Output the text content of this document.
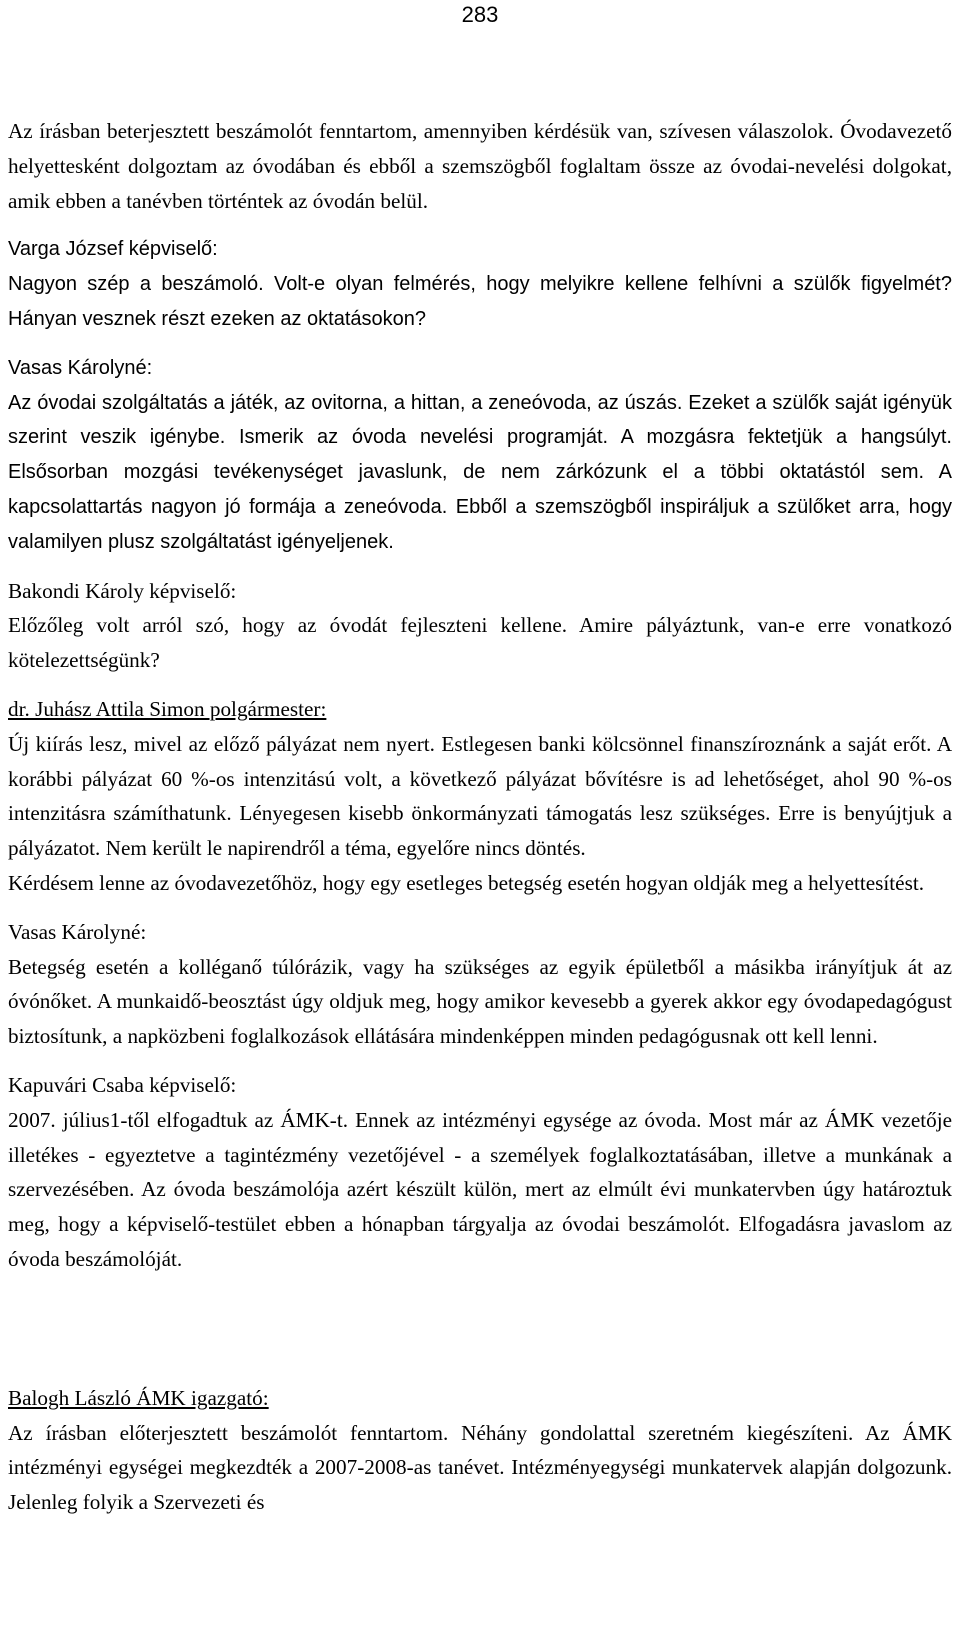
283

Az írásban beterjesztett beszámolót fenntartom, amennyiben kérdésük van, szívesen válaszolok. Óvodavezető helyettesként dolgoztam az óvodában és ebből a szemszögből foglaltam össze az óvodai-nevelési dolgokat, amik ebben a tanévben történtek az óvodán belül.

Varga József képviselő:

Nagyon szép a beszámoló. Volt-e olyan felmérés, hogy melyikre kellene felhívni a szülők figyelmét? Hányan vesznek részt ezeken az oktatásokon?

Vasas Károlyné:

Az óvodai szolgáltatás a játék, az ovitorna, a hittan, a zeneóvoda, az úszás. Ezeket a szülők saját igényük szerint veszik igénybe. Ismerik az óvoda nevelési programját. A mozgásra fektetjük a hangsúlyt. Elsősorban mozgási tevékenységet javaslunk, de nem zárkózunk el a többi oktatástól sem. A kapcsolattartás nagyon jó formája a zeneóvoda. Ebből a szemszögből inspiráljuk a szülőket arra, hogy valamilyen plusz szolgáltatást igényeljenek.

Bakondi Károly képviselő:

Előzőleg volt arról szó, hogy az óvodát fejleszteni kellene. Amire pályáztunk, van-e erre vonatkozó kötelezettségünk?

dr. Juhász Attila Simon polgármester:

Új kiírás lesz, mivel az előző pályázat nem nyert. Estlegesen banki kölcsönnel finanszíroznánk a saját erőt. A korábbi pályázat 60 %-os intenzitású volt, a következő pályázat bővítésre is ad lehetőséget, ahol 90 %-os intenzitásra számíthatunk. Lényegesen kisebb önkormányzati támogatás lesz szükséges. Erre is benyújtjuk a pályázatot. Nem került le napirendről a téma, egyelőre nincs döntés.

Kérdésem lenne az óvodavezetőhöz, hogy egy esetleges betegség esetén hogyan oldják meg a helyettesítést.

Vasas Károlyné:

Betegség esetén a kolléganő túlórázik, vagy ha szükséges az egyik épületből a másikba irányítjuk át az óvónőket. A munkaidő-beosztást úgy oldjuk meg, hogy amikor kevesebb a gyerek akkor egy óvodapedagógust biztosítunk, a napközbeni foglalkozások ellátására mindenképpen minden pedagógusnak ott kell lenni.

Kapuvári Csaba képviselő:

2007. július1-től elfogadtuk az ÁMK-t. Ennek az intézményi egysége az óvoda. Most már az ÁMK vezetője illetékes - egyeztetve a tagintézmény vezetőjével - a személyek foglalkoztatásában, illetve a munkának a szervezésében. Az óvoda beszámolója azért készült külön, mert az elmúlt évi munkatervben úgy határoztuk meg, hogy a képviselő-testület ebben a hónapban tárgyalja az óvodai beszámolót. Elfogadásra javaslom az óvoda beszámolóját.

Balogh László ÁMK igazgató:

Az írásban előterjesztett beszámolót fenntartom. Néhány gondolattal szeretném kiegészíteni. Az ÁMK intézményi egységei megkezdték a 2007-2008-as tanévet. Intézményegységi munkatervek alapján dolgozunk. Jelenleg folyik a Szervezeti és
